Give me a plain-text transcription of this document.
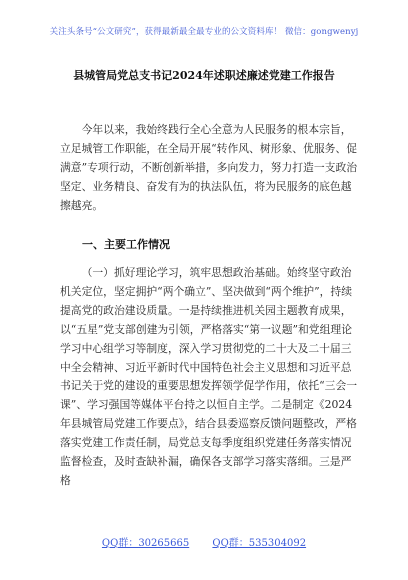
关注头条号“公文研究”，获得最新最全最专业的公文资料库！ 微信：gongwenyj
县城管局党总支书记2024年述职述廉述党建工作报告

今年以来，我始终践行全心全意为人民服务的根本宗旨，立足城管工作职能，在全局开展“转作风、树形象、优服务、促满意”专项行动，不断创新举措，多向发力，努力打造一支政治坚定、业务精良、奋发有为的执法队伍，将为民服务的底色越擦越亮。

一、主要工作情况

（一）抓好理论学习，筑牢思想政治基础。始终坚守政治机关定位，坚定拥护“两个确立”、坚决做到“两个维护”，持续提高党的政治建设质量。一是持续推进机关园主题教育成果，以“五星”党支部创建为引领，严格落实“第一议题”和党组理论学习中心组学习等制度，深入学习贯彻党的二十大及二十届三中全会精神、习近平新时代中国特色社会主义思想和习近平总书记关于党的建设的重要思想发挥领学促学作用，依托“三会一课”、学习强国等媒体平台持之以恒自主学。二是制定《2024年县城管局党建工作要点》，结合县委巡察反馈问题整改，严格落实党建工作责任制，局党总支每季度组织党建任务落实情况监督检查，及时查缺补漏，确保各支部学习落实落细。三是严格

QQ群：30265665 QQ群：535304092
